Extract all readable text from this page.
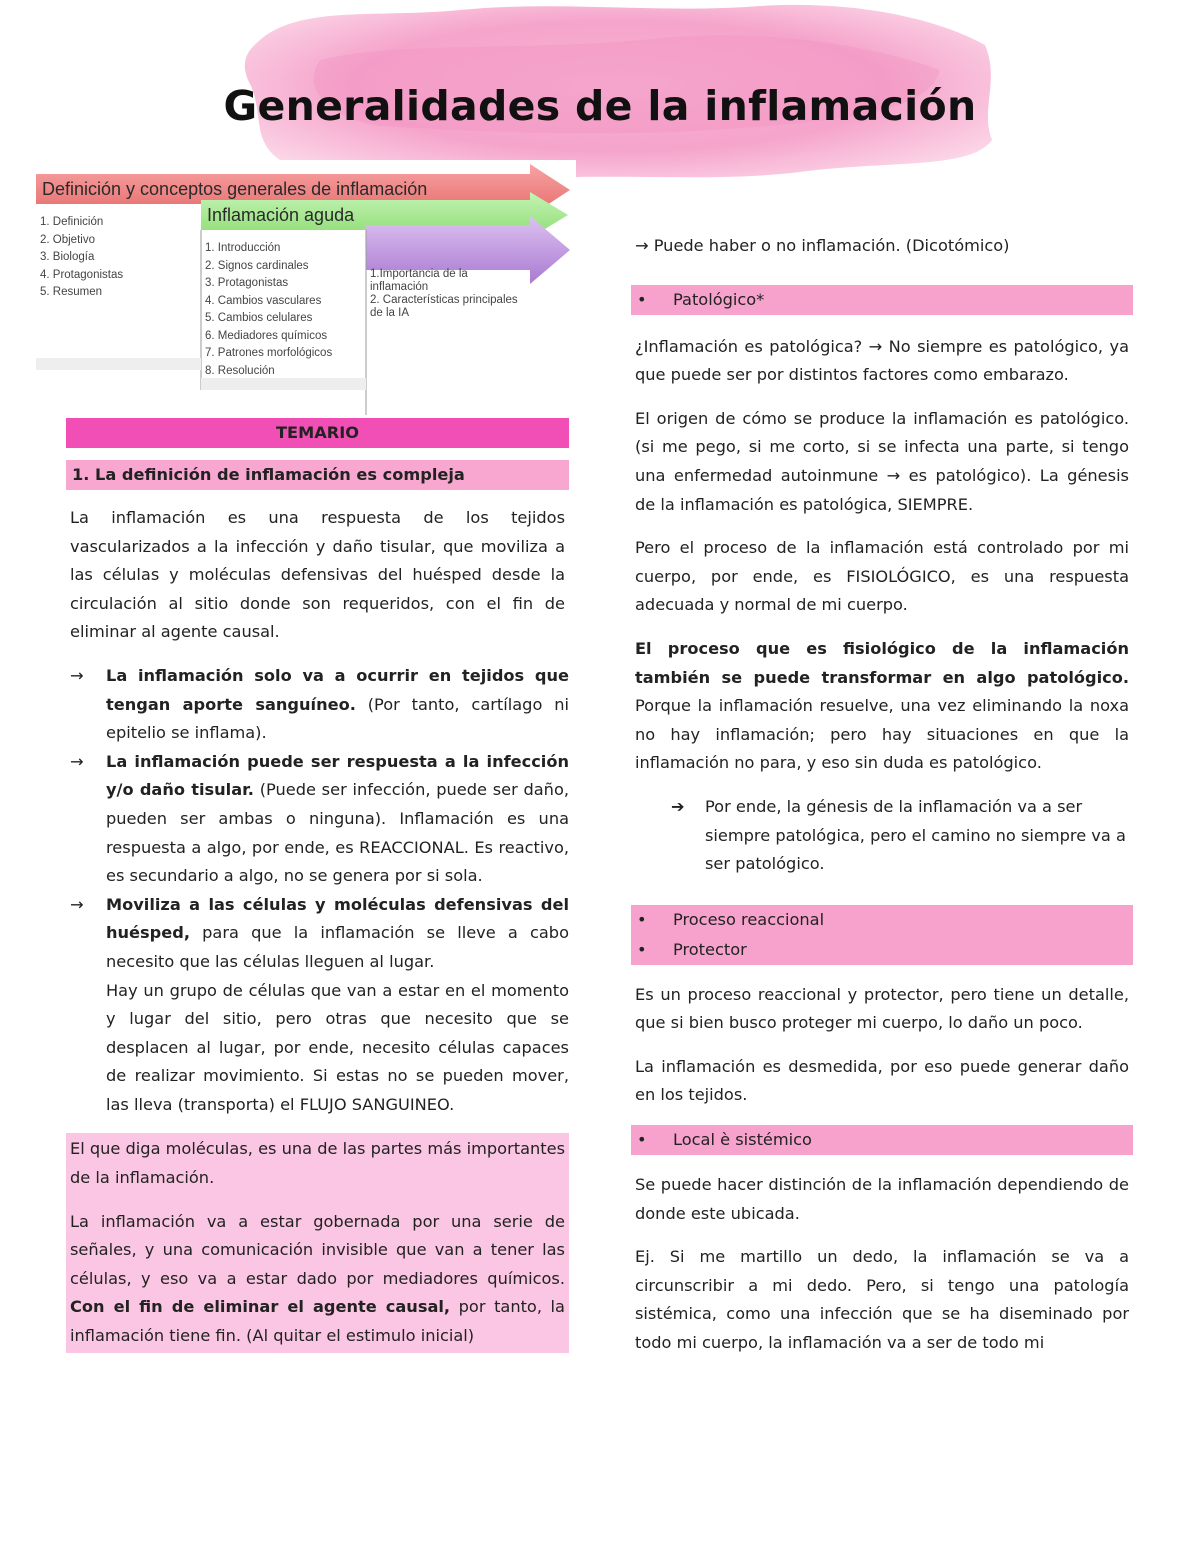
Generalidades de la inflamación
Definición y conceptos generales de inflamación
Inflamación aguda
1. Definición
2. Objetivo
3. Biología
4. Protagonistas
5. Resumen
1. Introducción
2. Signos cardinales
3. Protagonistas
4. Cambios vasculares
5. Cambios celulares
6. Mediadores químicos
7. Patrones morfológicos
8. Resolución
1.Importancia de la
inflamación
2. Características principales
de la IA
TEMARIO
1. La definición de inflamación es compleja

La inflamación es una respuesta de los tejidos vascularizados a la infección y daño tisular, que moviliza a las células y moléculas defensivas del huésped desde la circulación al sitio donde son requeridos, con el fin de eliminar al agente causal.

→	La inflamación solo va a ocurrir en tejidos que tengan aporte sanguíneo. (Por tanto, cartílago ni epitelio se inflama).
→	La inflamación puede ser respuesta a la infección y/o daño tisular. (Puede ser infección, puede ser daño, pueden ser ambas o ninguna). Inflamación es una respuesta a algo, por ende, es REACCIONAL. Es reactivo, es secundario a algo, no se genera por si sola.
→	Moviliza a las células y moléculas defensivas del huésped, para que la inflamación se lleve a cabo necesito que las células lleguen al lugar.
Hay un grupo de células que van a estar en el momento y lugar del sitio, pero otras que necesito que se desplacen al lugar, por ende, necesito células capaces de realizar movimiento. Si estas no se pueden mover, las lleva (transporta) el FLUJO SANGUINEO.

El que diga moléculas, es una de las partes más importantes de la inflamación.

La inflamación va a estar gobernada por una serie de señales, y una comunicación invisible que van a tener las células, y eso va a estar dado por mediadores químicos. Con el fin de eliminar el agente causal, por tanto, la inflamación tiene fin. (Al quitar el estimulo inicial)

→ Puede haber o no inflamación. (Dicotómico)

•	Patológico*

¿Inflamación es patológica? → No siempre es patológico, ya que puede ser por distintos factores como embarazo.

El origen de cómo se produce la inflamación es patológico. (si me pego, si me corto, si se infecta una parte, si tengo una enfermedad autoinmune → es patológico). La génesis de la inflamación es patológica, SIEMPRE.

Pero el proceso de la inflamación está controlado por mi cuerpo, por ende, es FISIOLÓGICO, es una respuesta adecuada y normal de mi cuerpo.

El proceso que es fisiológico de la inflamación también se puede transformar en algo patológico. Porque la inflamación resuelve, una vez eliminando la noxa no hay inflamación; pero hay situaciones en que la inflamación no para, y eso sin duda es patológico.

➔	Por ende, la génesis de la inflamación va a ser siempre patológica, pero el camino no siempre va a ser patológico.
•	Proceso reaccional
•	Protector

Es un proceso reaccional y protector, pero tiene un detalle, que si bien busco proteger mi cuerpo, lo daño un poco.

La inflamación es desmedida, por eso puede generar daño en los tejidos.

•	Local è sistémico

Se puede hacer distinción de la inflamación dependiendo de donde este ubicada.

Ej. Si me martillo un dedo, la inflamación se va a circunscribir a mi dedo. Pero, si tengo una patología sistémica, como una infección que se ha diseminado por todo mi cuerpo, la inflamación va a ser de todo mi
